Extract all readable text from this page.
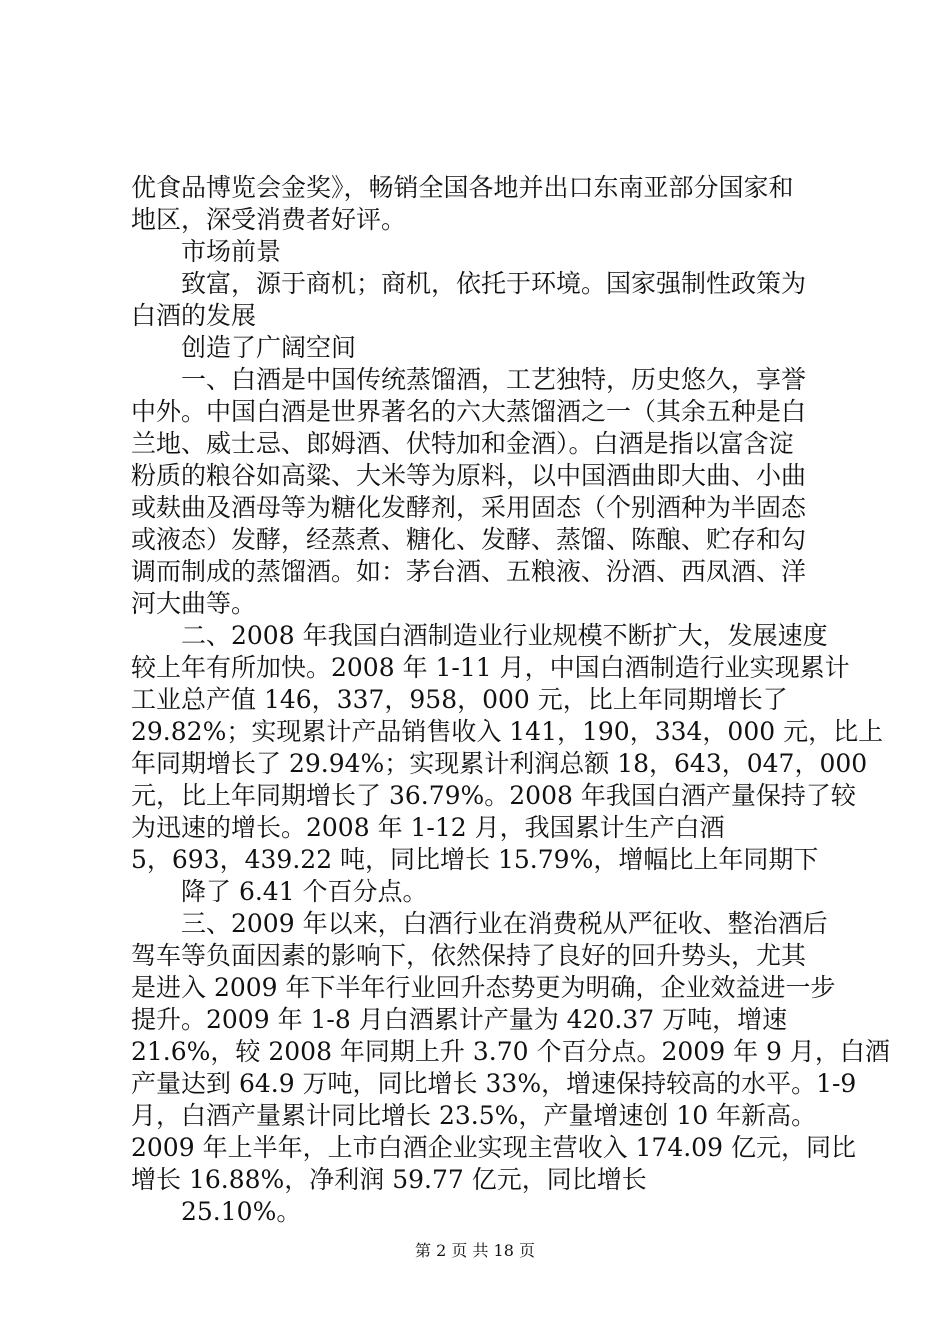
优食品博览会金奖》，畅销全国各地并出口东南亚部分国家和
地区，深受消费者好评。
市场前景
致富，源于商机；商机，依托于环境。国家强制性政策为
白酒的发展
创造了广阔空间
一、白酒是中国传统蒸馏酒，工艺独特，历史悠久，享誉
中外。中国白酒是世界著名的六大蒸馏酒之一（其余五种是白
兰地、威士忌、郎姆酒、伏特加和金酒）。白酒是指以富含淀
粉质的粮谷如高粱、大米等为原料，以中国酒曲即大曲、小曲
或麸曲及酒母等为糖化发酵剂，采用固态（个别酒种为半固态
或液态）发酵，经蒸煮、糖化、发酵、蒸馏、陈酿、贮存和勾
调而制成的蒸馏酒。如：茅台酒、五粮液、汾酒、西凤酒、洋
河大曲等。
二、2008 年我国白酒制造业行业规模不断扩大，发展速度
较上年有所加快。2008 年 1-11 月，中国白酒制造行业实现累计
工业总产值 146，337，958，000 元，比上年同期增长了
29.82%；实现累计产品销售收入 141，190，334，000 元，比上
年同期增长了 29.94%；实现累计利润总额 18，643，047，000
元，比上年同期增长了 36.79%。2008 年我国白酒产量保持了较
为迅速的增长。2008 年 1-12 月，我国累计生产白酒
5，693，439.22 吨，同比增长 15.79%，增幅比上年同期下
降了 6.41 个百分点。
三、2009 年以来，白酒行业在消费税从严征收、整治酒后
驾车等负面因素的影响下，依然保持了良好的回升势头，尤其
是进入 2009 年下半年行业回升态势更为明确，企业效益进一步
提升。2009 年 1-8 月白酒累计产量为 420.37 万吨，增速
21.6%，较 2008 年同期上升 3.70 个百分点。2009 年 9 月，白酒
产量达到 64.9 万吨，同比增长 33%，增速保持较高的水平。1-9
月，白酒产量累计同比增长 23.5%，产量增速创 10 年新高。
2009 年上半年，上市白酒企业实现主营收入 174.09 亿元，同比
增长 16.88%，净利润 59.77 亿元，同比增长
25.10%。
第 2 页 共 18 页
